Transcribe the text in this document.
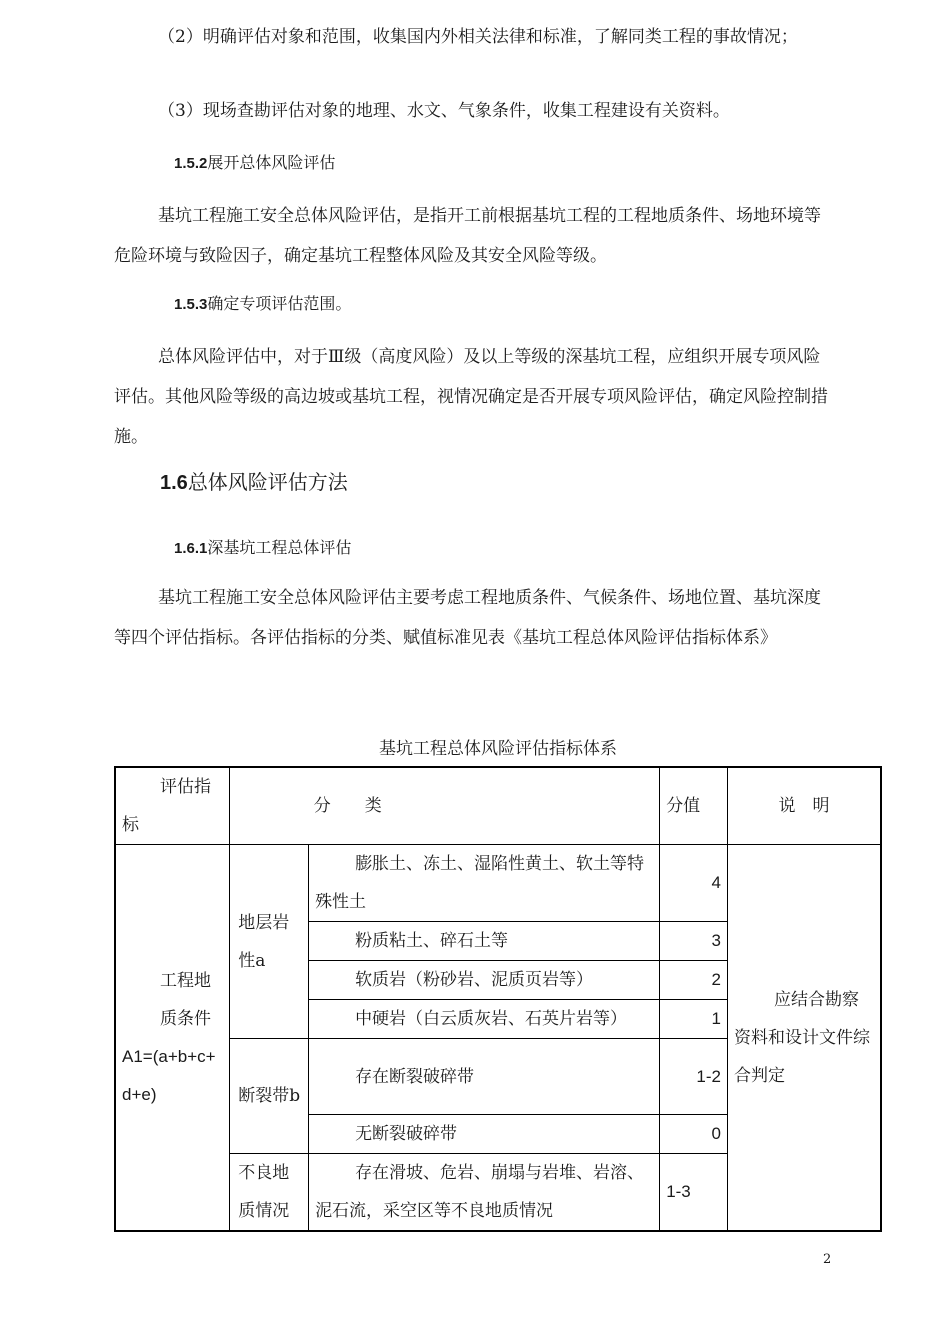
（2）明确评估对象和范围，收集国内外相关法律和标准，了解同类工程的事故情况；

（3）现场查勘评估对象的地理、水文、气象条件，收集工程建设有关资料。

1.5.2展开总体风险评估

基坑工程施工安全总体风险评估，是指开工前根据基坑工程的工程地质条件、场地环境等危险环境与致险因子，确定基坑工程整体风险及其安全风险等级。

1.5.3确定专项评估范围。

总体风险评估中，对于Ⅲ级（高度风险）及以上等级的深基坑工程，应组织开展专项风险评估。其他风险等级的高边坡或基坑工程，视情况确定是否开展专项风险评估，确定风险控制措施。

1.6总体风险评估方法
1.6.1深基坑工程总体评估

基坑工程施工安全总体风险评估主要考虑工程地质条件、气候条件、场地位置、基坑深度等四个评估指标。各评估指标的分类、赋值标准见表《基坑工程总体风险评估指标体系》

基坑工程总体风险评估指标体系
评估指标	分　　类		分值	说　明

工程地质条件
A1=(a+b+c+d+e)	地层岩性a	膨胀土、冻土、湿陷性黄土、软土等特殊性土	4	应结合勘察资料和设计文件综合判定
		粉质粘土、碎石土等	3	
		软质岩（粉砂岩、泥质页岩等）	2	
		中硬岩（白云质灰岩、石英片岩等）	1	
	断裂带b	存在断裂破碎带	1-2	
		无断裂破碎带	0	
	不良地质情况	存在滑坡、危岩、崩塌与岩堆、岩溶、泥石流，采空区等不良地质情况	1-3	
2
